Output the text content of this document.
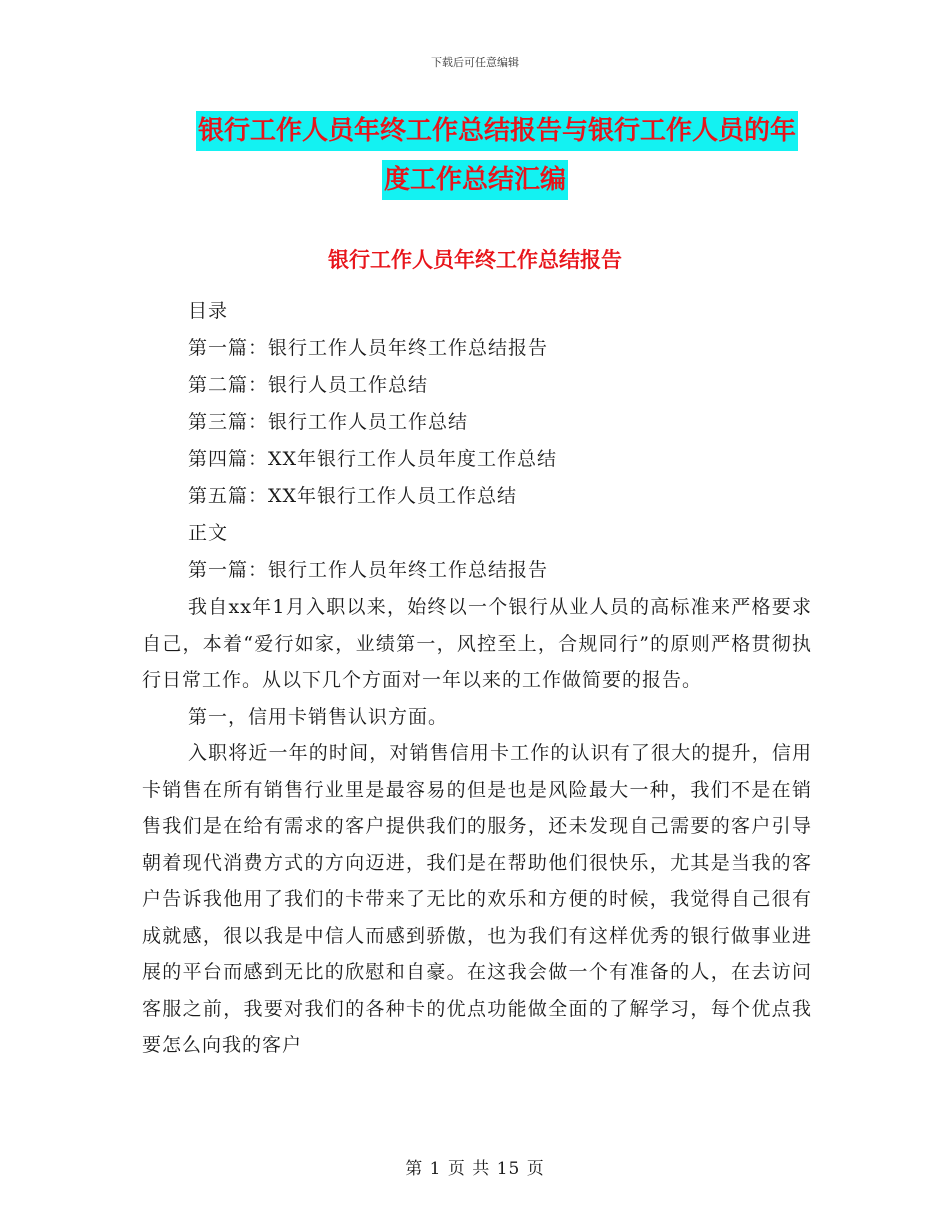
下载后可任意编辑
银行工作人员年终工作总结报告与银行工作人员的年
度工作总结汇编
银行工作人员年终工作总结报告
目录
第一篇：银行工作人员年终工作总结报告
第二篇：银行人员工作总结
第三篇：银行工作人员工作总结
第四篇：XX年银行工作人员年度工作总结
第五篇：XX年银行工作人员工作总结
正文
第一篇：银行工作人员年终工作总结报告

我自xx年1月入职以来，始终以一个银行从业人员的高标准来严格要求自己，本着“爱行如家，业绩第一，风控至上，合规同行”的原则严格贯彻执行日常工作。从以下几个方面对一年以来的工作做简要的报告。

第一，信用卡销售认识方面。

入职将近一年的时间，对销售信用卡工作的认识有了很大的提升，信用卡销售在所有销售行业里是最容易的但是也是风险最大一种，我们不是在销售我们是在给有需求的客户提供我们的服务，还未发现自己需要的客户引导朝着现代消费方式的方向迈进，我们是在帮助他们很快乐，尤其是当我的客户告诉我他用了我们的卡带来了无比的欢乐和方便的时候，我觉得自己很有成就感，很以我是中信人而感到骄傲，也为我们有这样优秀的银行做事业进展的平台而感到无比的欣慰和自豪。在这我会做一个有准备的人，在去访问客服之前，我要对我们的各种卡的优点功能做全面的了解学习，每个优点我要怎么向我的客户

第 1 页 共 15 页
